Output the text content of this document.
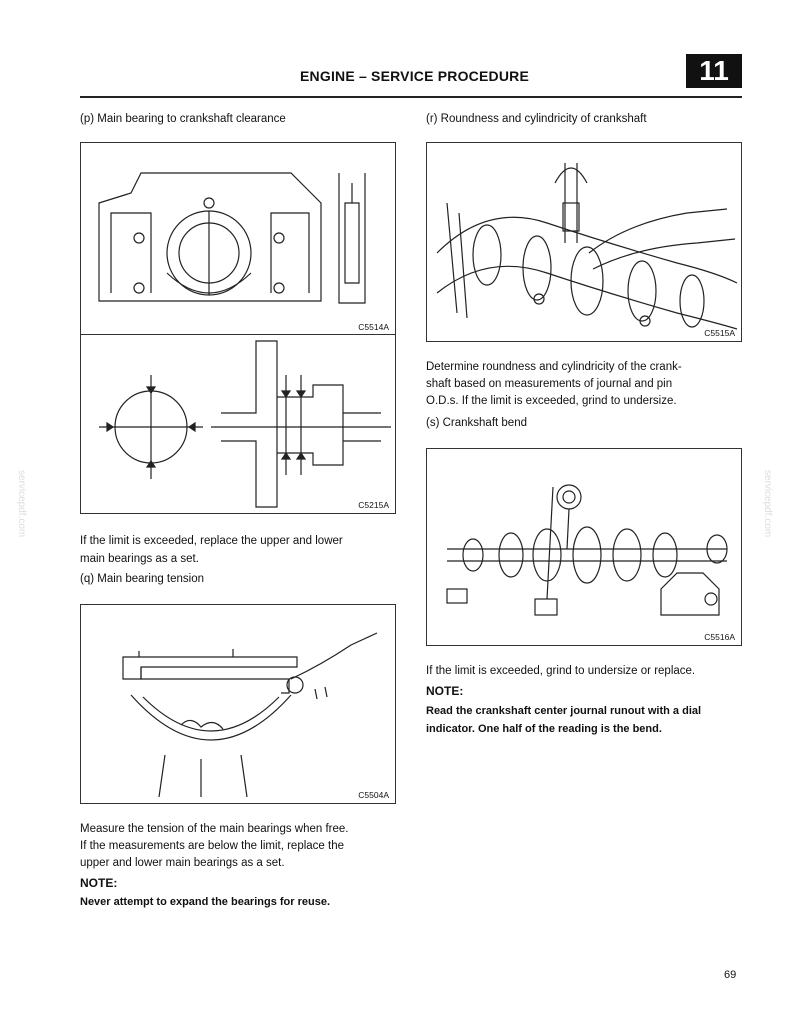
ENGINE – SERVICE PROCEDURE	11
servicepdf.com	servicepdf.com
(p) Main bearing to crankshaft clearance
C5514A
C5215A
If the limit is exceeded, replace the upper and lower
main bearings as a set.
(q) Main bearing tension
C5504A
Measure the tension of the main bearings when free.
If the measurements are below the limit, replace the
upper and lower main bearings as a set.
NOTE:
Never attempt to expand the bearings for reuse.
(r) Roundness and cylindricity of crankshaft
C5515A
Determine roundness and cylindricity of the crank-
shaft based on measurements of journal and pin
O.D.s. If the limit is exceeded, grind to undersize.
(s) Crankshaft bend
C5516A
If the limit is exceeded, grind to undersize or replace.
NOTE:
Read the crankshaft center journal runout with a dial
indicator. One half of the reading is the bend.
69
